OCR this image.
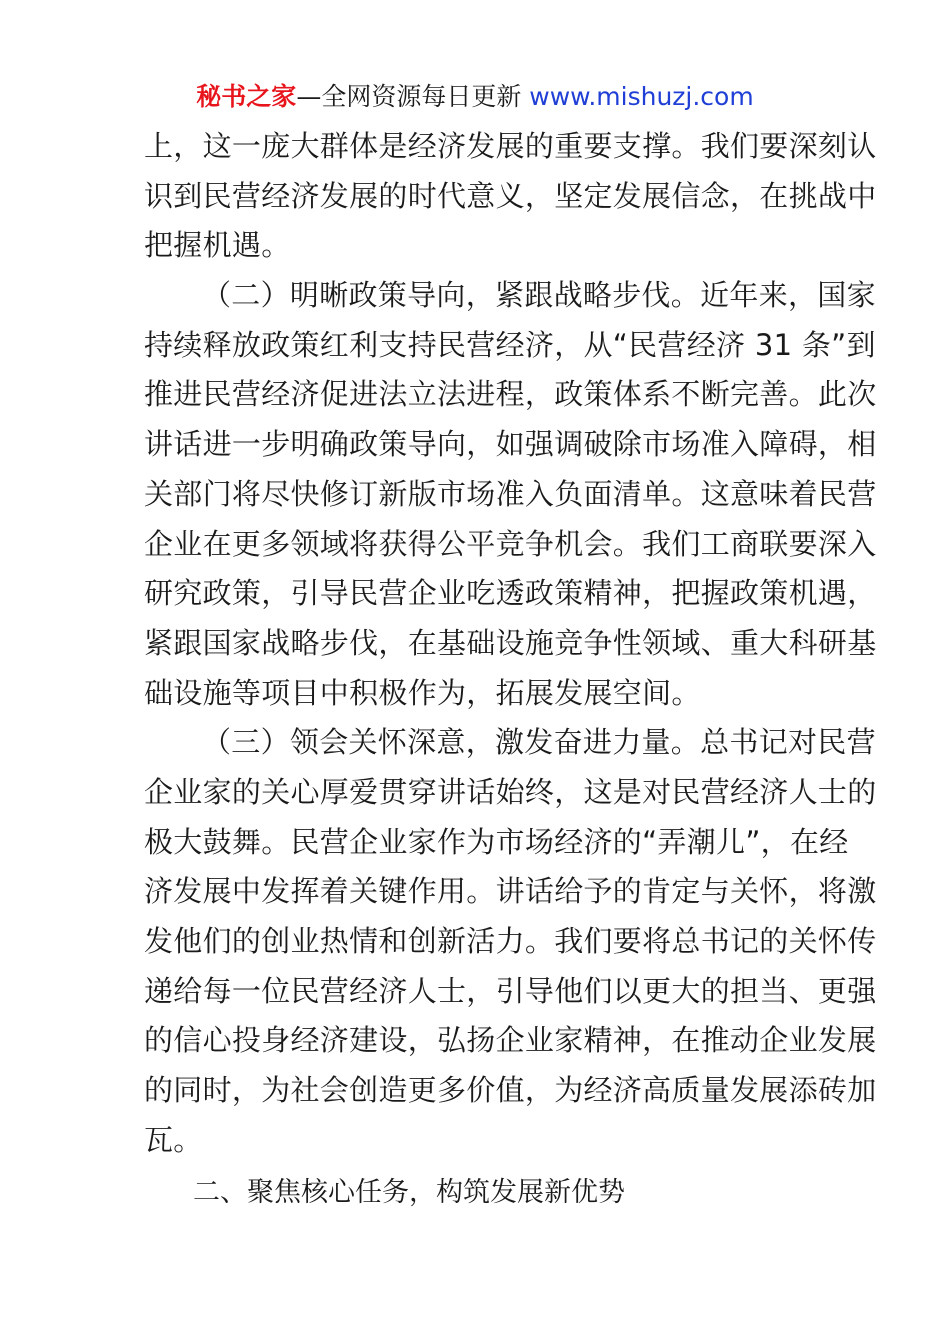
秘书之家—全网资源每日更新 www.mishuzj.com
上，这一庞大群体是经济发展的重要支撑。我们要深刻认
识到民营经济发展的时代意义，坚定发展信念，在挑战中
把握机遇。
（二）明晰政策导向，紧跟战略步伐。近年来，国家
持续释放政策红利支持民营经济，从“民营经济 31 条”到
推进民营经济促进法立法进程，政策体系不断完善。此次
讲话进一步明确政策导向，如强调破除市场准入障碍，相
关部门将尽快修订新版市场准入负面清单。这意味着民营
企业在更多领域将获得公平竞争机会。我们工商联要深入
研究政策，引导民营企业吃透政策精神，把握政策机遇，
紧跟国家战略步伐，在基础设施竞争性领域、重大科研基
础设施等项目中积极作为，拓展发展空间。
（三）领会关怀深意，激发奋进力量。总书记对民营
企业家的关心厚爱贯穿讲话始终，这是对民营经济人士的
极大鼓舞。民营企业家作为市场经济的“弄潮儿”，在经
济发展中发挥着关键作用。讲话给予的肯定与关怀，将激
发他们的创业热情和创新活力。我们要将总书记的关怀传
递给每一位民营经济人士，引导他们以更大的担当、更强
的信心投身经济建设，弘扬企业家精神，在推动企业发展
的同时，为社会创造更多价值，为经济高质量发展添砖加
瓦。
二、聚焦核心任务，构筑发展新优势
